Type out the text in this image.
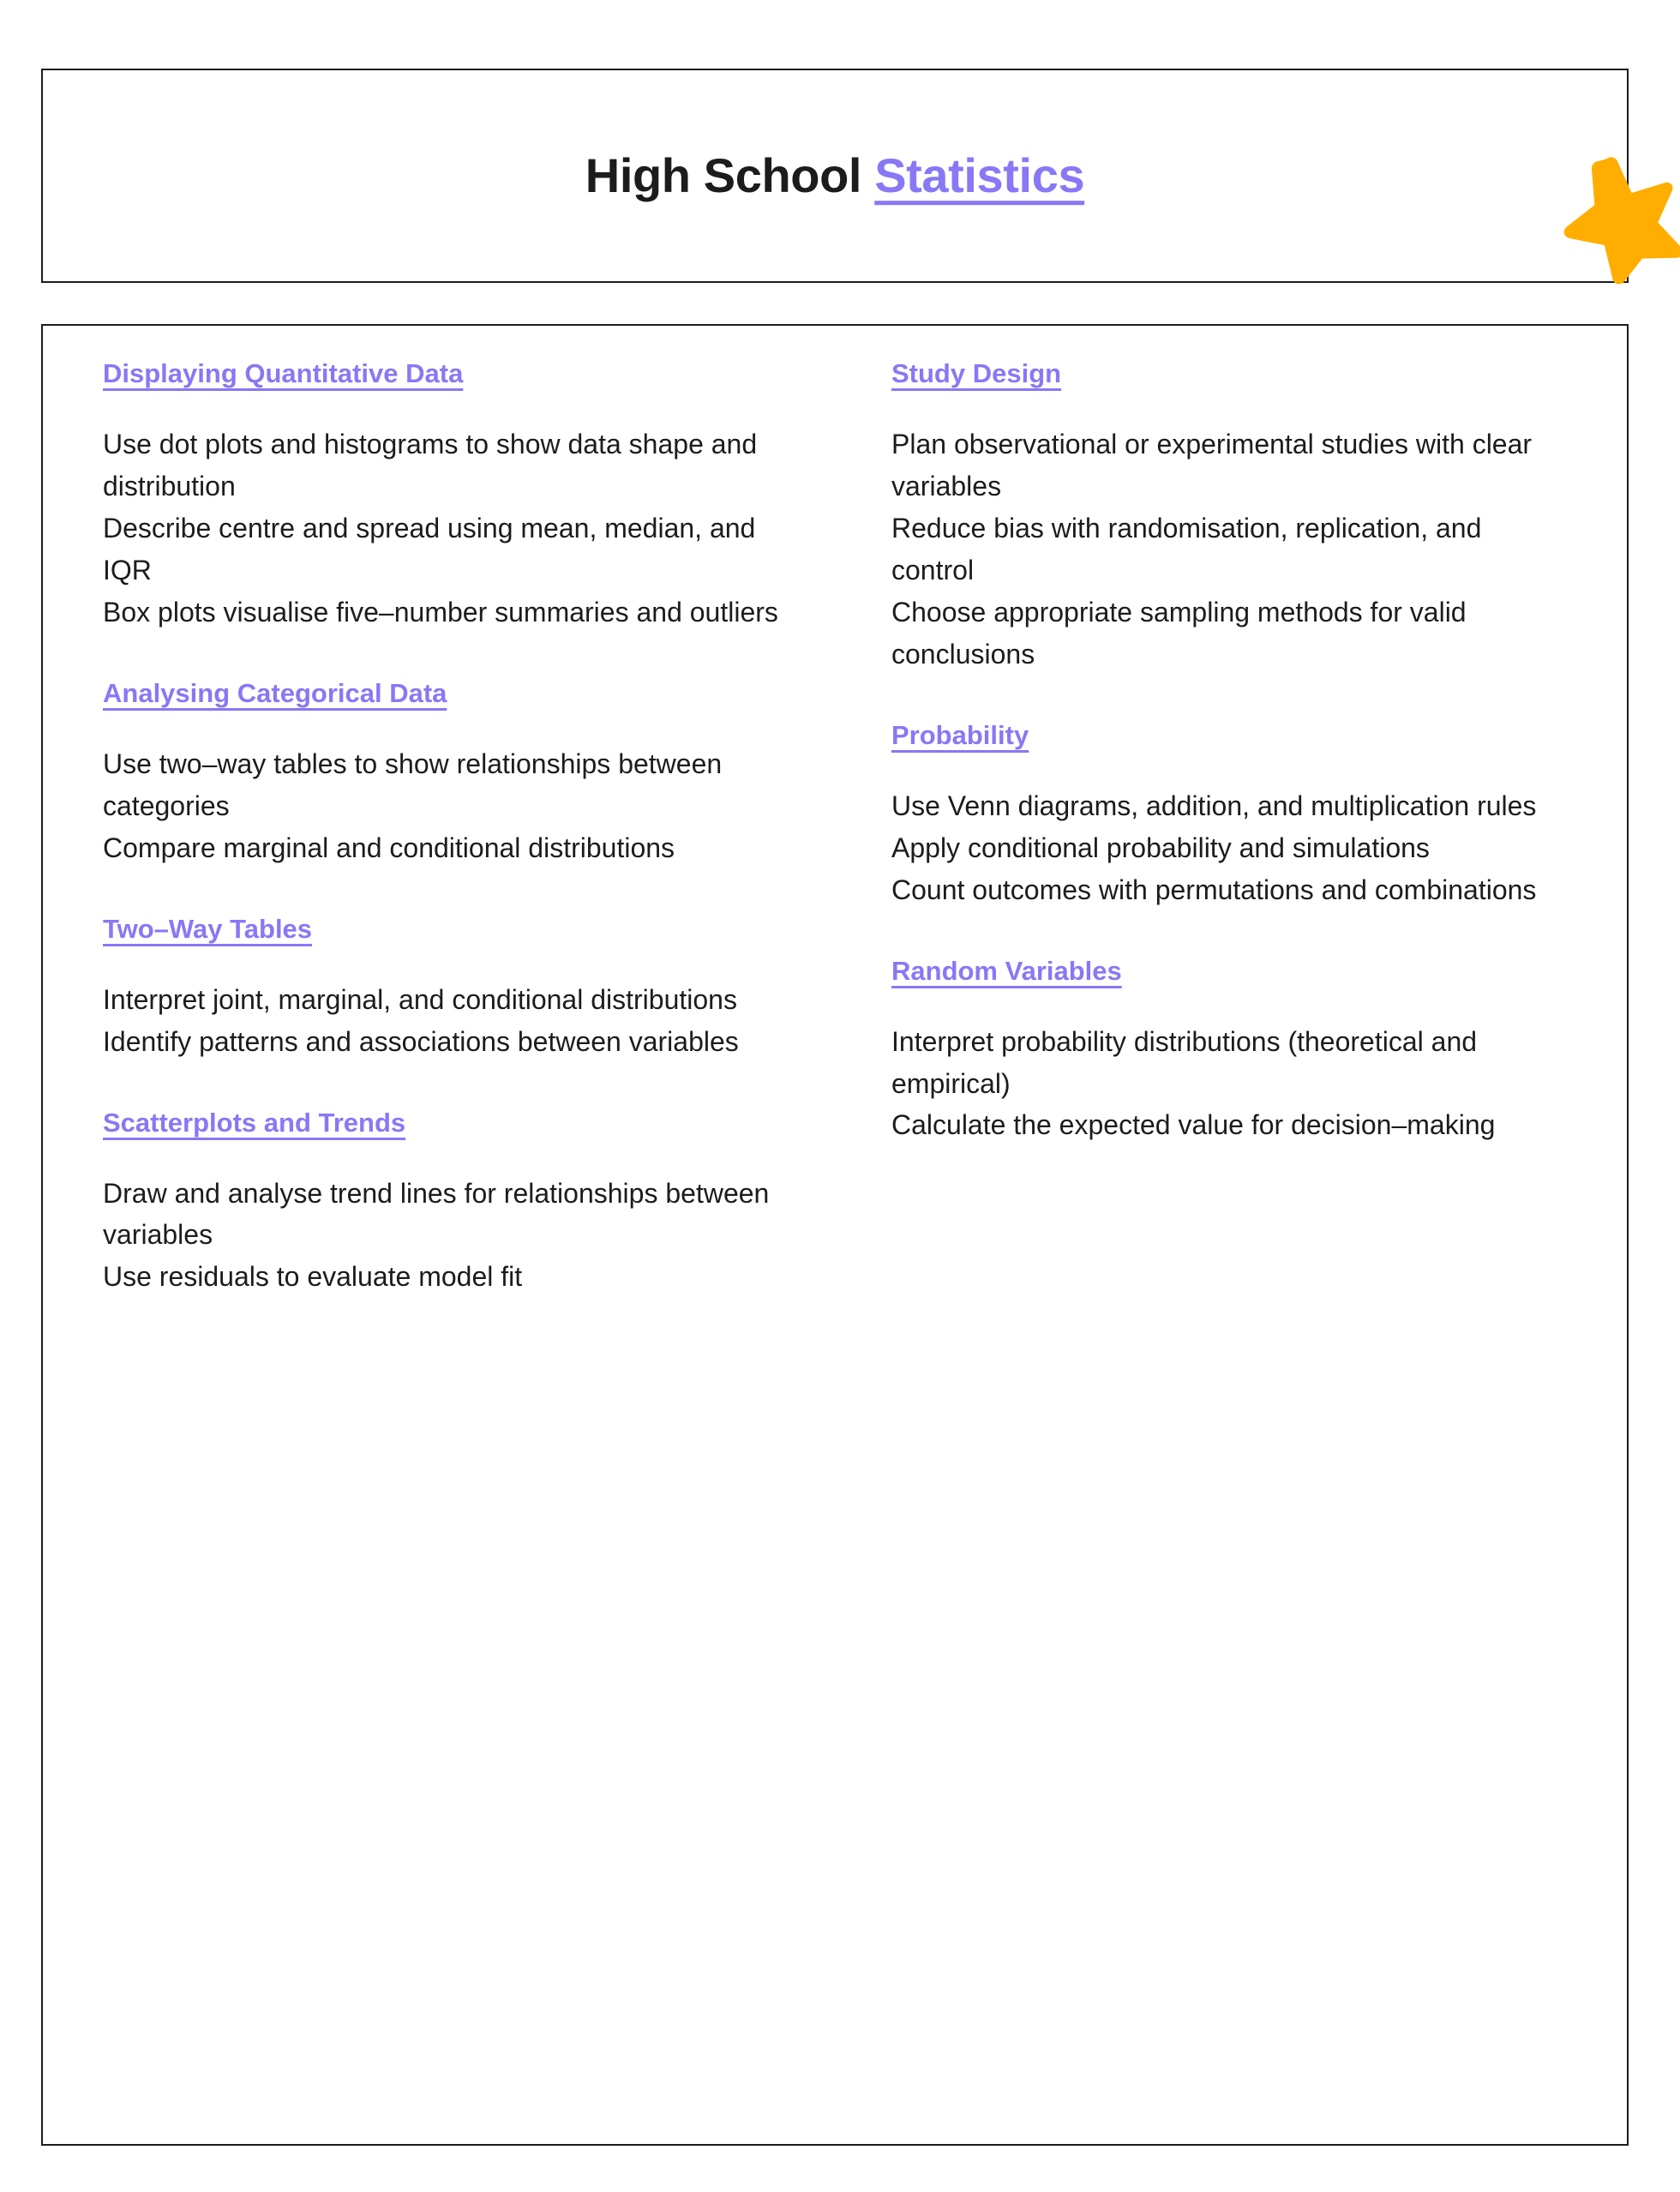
High School Statistics
Displaying Quantitative Data

Use dot plots and histograms to show data shape and distribution

Describe centre and spread using mean, median, and IQR

Box plots visualise five–number summaries and outliers

Analysing Categorical Data

Use two–way tables to show relationships between categories

Compare marginal and conditional distributions

Two–Way Tables

Interpret joint, marginal, and conditional distributions

Identify patterns and associations between variables

Scatterplots and Trends

Draw and analyse trend lines for relationships between variables

Use residuals to evaluate model fit

Study Design

Plan observational or experimental studies with clear variables

Reduce bias with randomisation, replication, and control

Choose appropriate sampling methods for valid conclusions

Probability

Use Venn diagrams, addition, and multiplication rules

Apply conditional probability and simulations

Count outcomes with permutations and combinations

Random Variables

Interpret probability distributions (theoretical and empirical)

Calculate the expected value for decision–making
